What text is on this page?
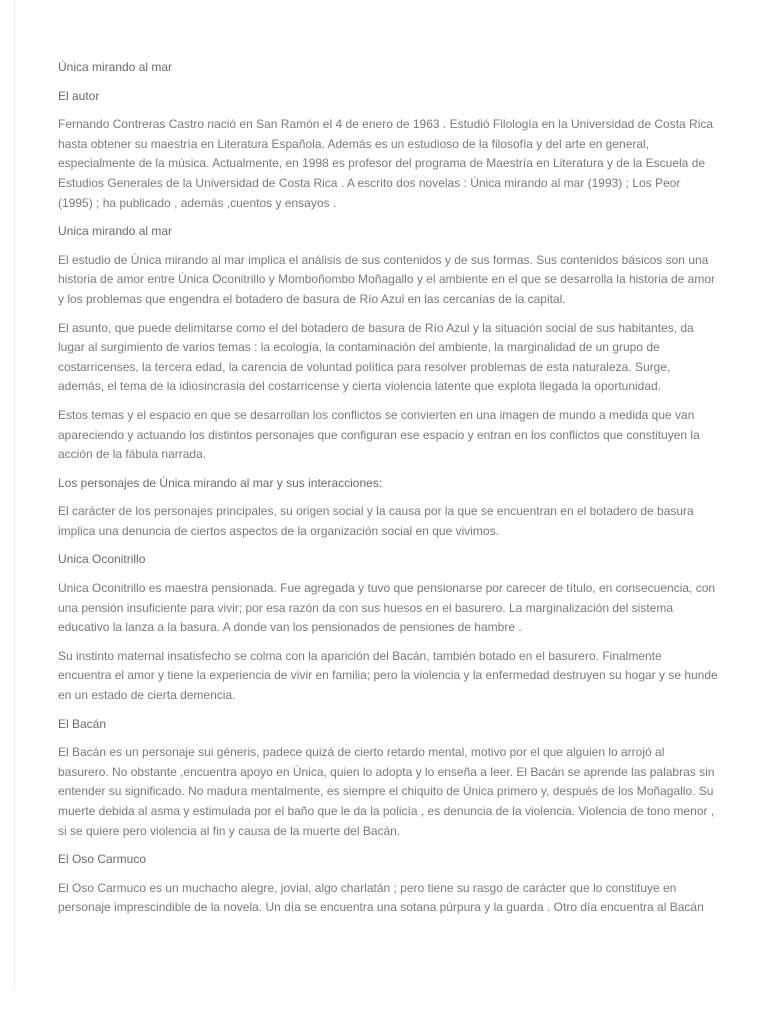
Única mirando al mar

El autor

Fernando Contreras Castro nació en San Ramón el 4 de enero de 1963 . Estudió Filología en la Universidad de Costa Rica hasta obtener su maestría en Literatura Española. Además es un estudioso de la filosofía y del arte en general, especialmente de la música. Actualmente, en 1998 es profesor del programa de Maestría en Literatura y de la Escuela de Estudios Generales de la Universidad de Costa Rica . A escrito dos novelas : Única mirando al mar (1993) ; Los Peor (1995) ; ha publicado , además ,cuentos y ensayos .

Unica mirando al mar

El estudio de Única mirando al mar implica el análisis de sus contenidos y de sus formas. Sus contenidos básicos son una historia de amor entre Única Oconitrillo y Momboñombo Moñagallo y el ambiente en el que se desarrolla la historia de amor y los problemas que engendra el botadero de basura de Río Azul en las cercanías de la capital.

El asunto, que puede delimitarse como el del botadero de basura de Río Azul y la situación social de sus habitantes, da lugar al surgimiento de varios temas : la ecología, la contaminación del ambiente, la marginalidad de un grupo de costarricenses, la tercera edad, la carencia de voluntad política para resolver problemas de esta naturaleza. Surge, además, el tema de la idiosincrasia del costarricense y cierta violencia latente que explota llegada la oportunidad.

Estos temas y el espacio en que se desarrollan los conflictos se convierten en una imagen de mundo a medida que van apareciendo y actuando los distintos personajes que configuran ese espacio y entran en los conflictos que constituyen la acción de la fábula narrada.

Los personajes de Única mirando al mar y sus interacciones:

El carácter de los personajes principales, su origen social y la causa por la que se encuentran en el botadero de basura implica una denuncia de ciertos aspectos de la organización social en que vivimos.

Unica Oconitrillo

Unica Oconitrillo es maestra pensionada. Fue agregada y tuvo que pensionarse por carecer de título, en consecuencia, con una pensión insuficiente para vivir; por esa razón da con sus huesos en el basurero. La marginalización del sistema educativo la lanza a la basura. A donde van los pensionados de pensiones de hambre .

Su instinto maternal insatisfecho se colma con la aparición del Bacán, también botado en el basurero. Finalmente encuentra el amor y tiene la experiencia de vivir en familia; pero la violencia y la enfermedad destruyen su hogar y se hunde en un estado de cierta demencia.

El Bacán

El Bacán es un personaje sui géneris, padece quizá de cierto retardo mental, motivo por el que alguien lo arrojó al basurero. No obstante ,encuentra apoyo en Única, quien lo adopta y lo enseña a leer. El Bacán se aprende las palabras sin entender su significado. No madura mentalmente, es siempre el chiquito de Única primero y, después de los Moñagallo. Su muerte debida al asma y estimulada por el baño que le da la policía , es denuncia de la violencia. Violencia de tono menor , si se quiere pero violencia al fin y causa de la muerte del Bacán.

El Oso Carmuco

El Oso Carmuco es un muchacho alegre, jovial, algo charlatán ; pero tiene su rasgo de carácter que lo constituye en personaje imprescindible de la novela. Un día se encuentra una sotana púrpura y la guarda . Otro día encuentra al Bacán
